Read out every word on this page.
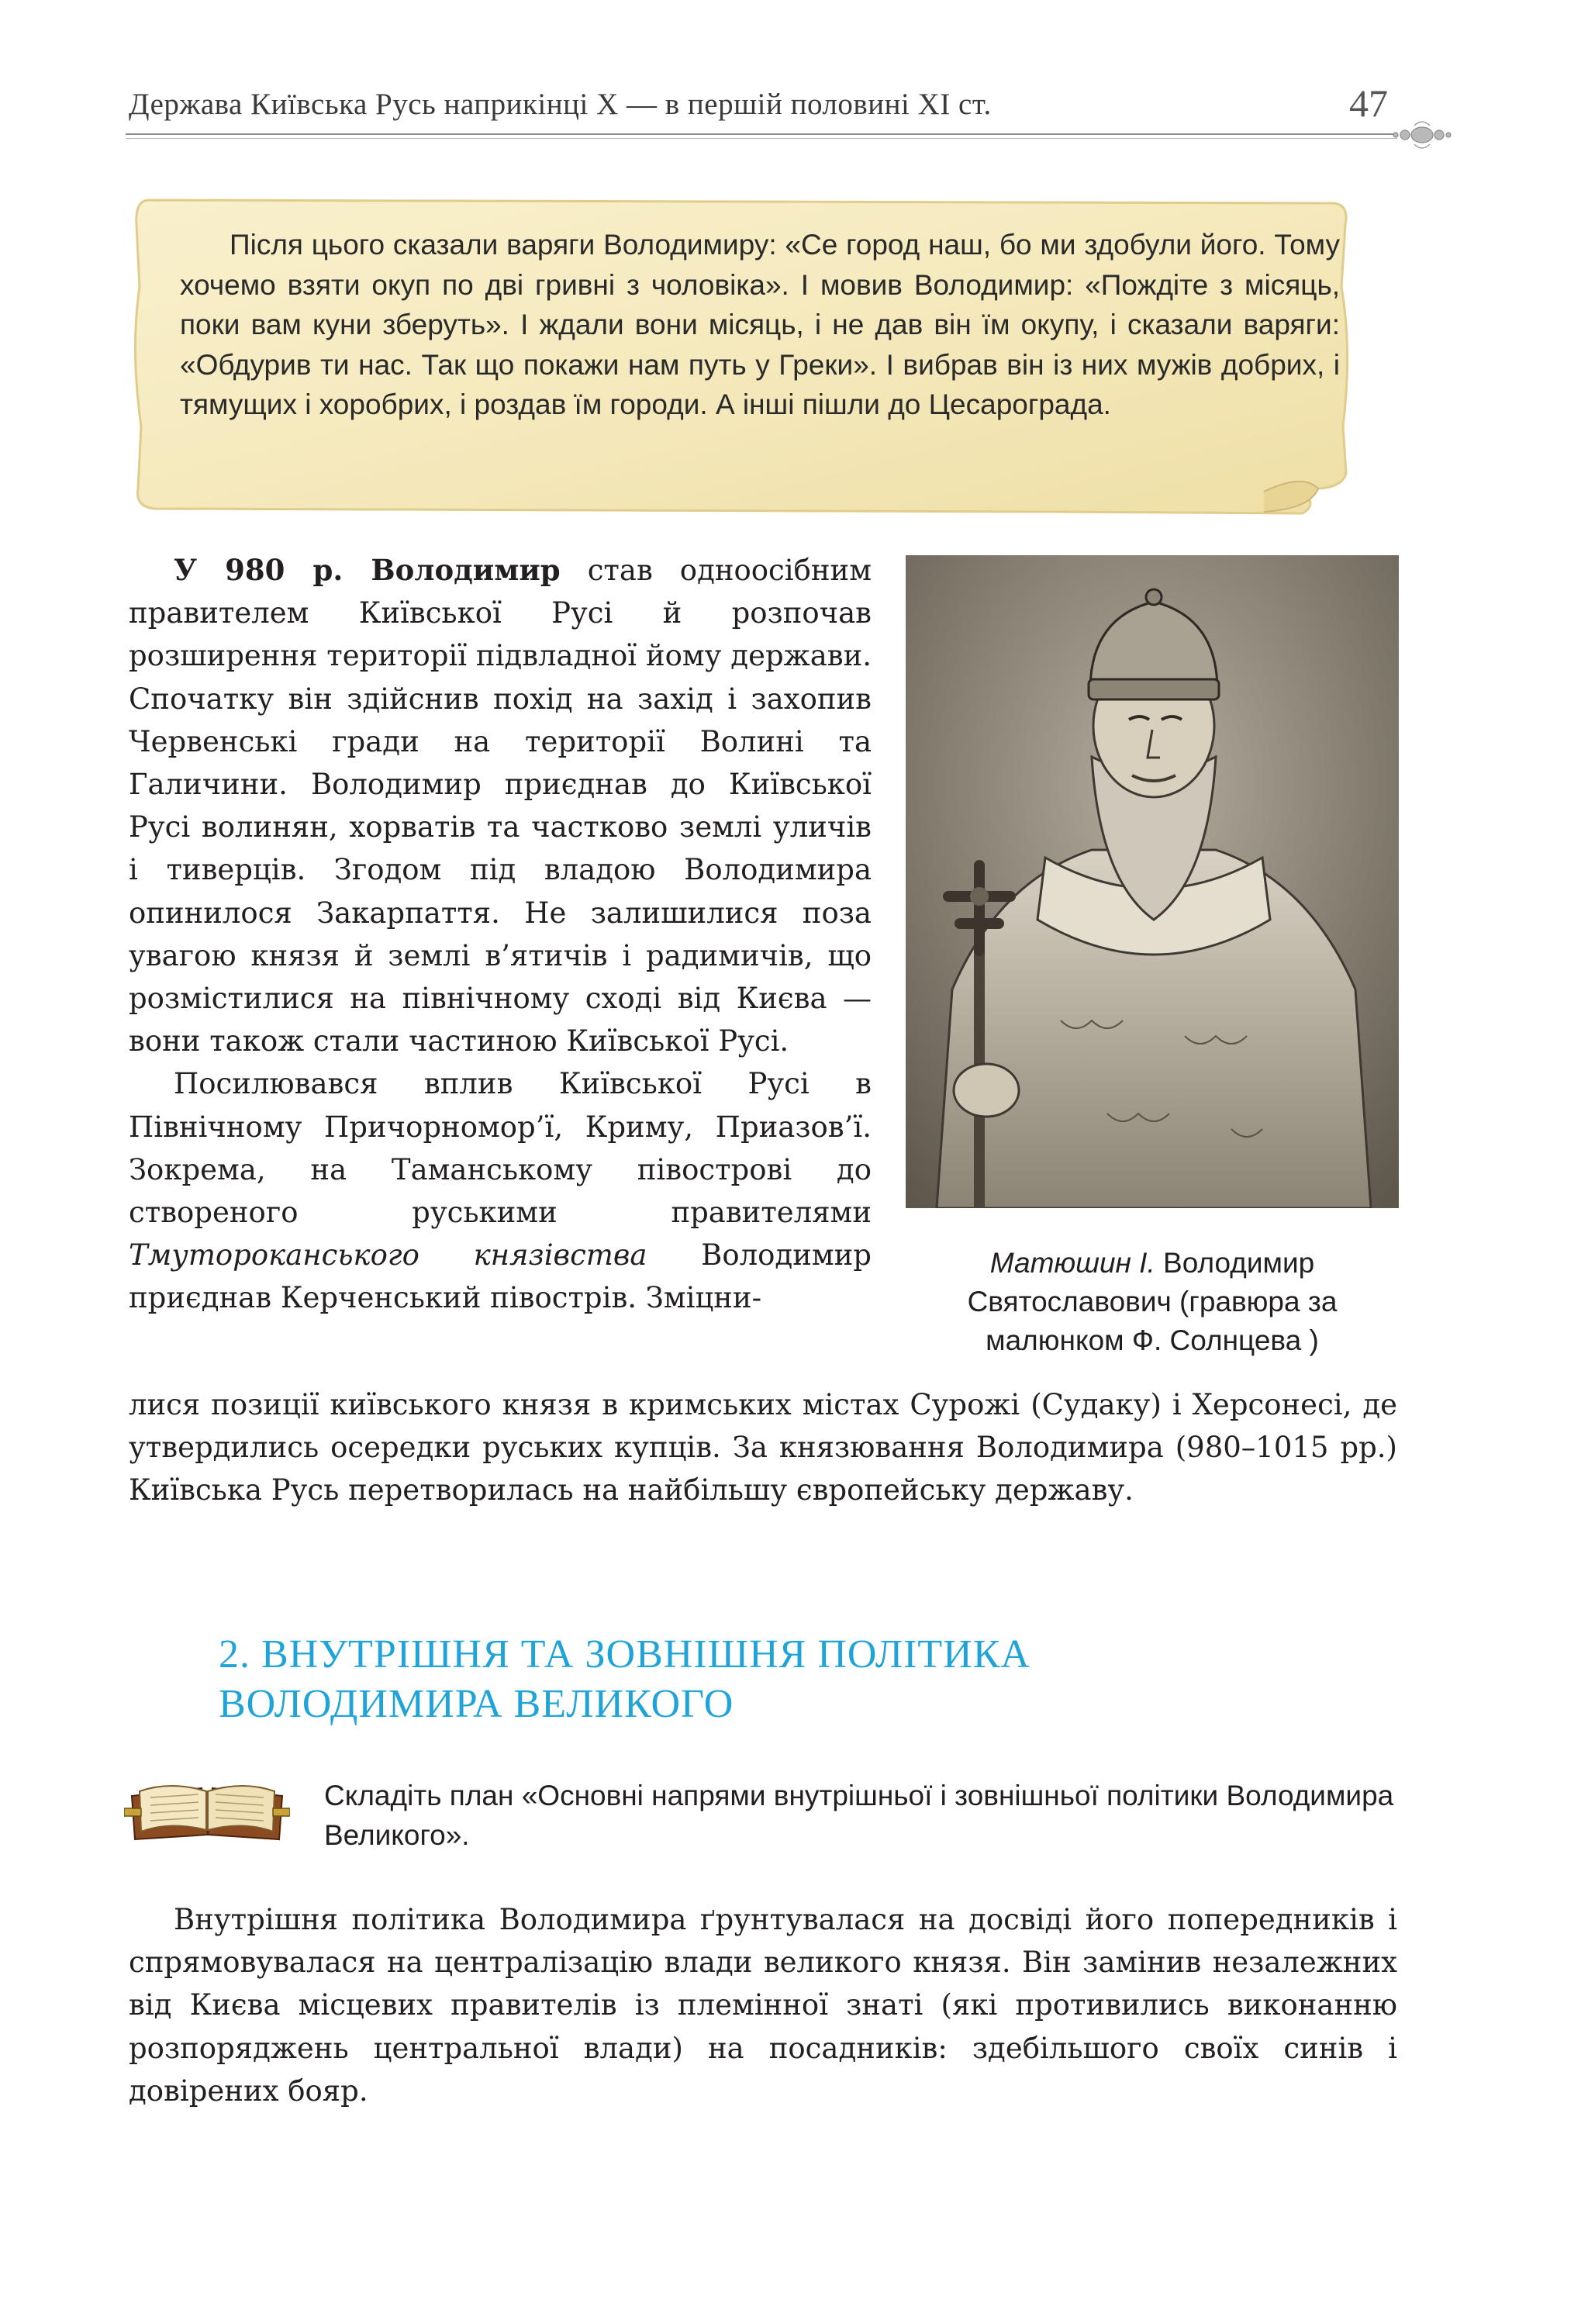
Держава Київська Русь наприкінці X — в першій половині XI ст.	47
Після цього сказали варяги Володимиру: «Се город наш, бо ми здобули його. Тому хочемо взяти окуп по дві гривні з чоловіка». І мовив Володимир: «Пождіте з місяць, поки вам куни зберуть». І ждали вони місяць, і не дав він їм окупу, і сказали варяги: «Обдурив ти нас. Так що покажи нам путь у Греки». І вибрав він із них мужів добрих, і тямущих і хоробрих, і роздав їм городи. А інші пішли до Цесарограда.

У 980 р. Володимир став одноосібним правителем Київської Русі й розпочав розширення території підвладної йому держави. Спочатку він здійснив похід на захід і захопив Червенські гради на території Волині та Галичини. Володимир приєднав до Київської Русі волинян, хорватів та частково землі уличів і тиверців. Згодом під владою Володимира опинилося Закарпаття. Не залишилися поза увагою князя й землі в’ятичів і радимичів, що розмістилися на північному сході від Києва — вони також стали частиною Київської Русі.

Посилювався вплив Київської Русі в Північному Причорномор’ї, Криму, Приазов’ї. Зокрема, на Таманському півострові до створеного руськими правителями Тмутороканського князівства Володимир приєднав Керченський півострів. Зміцни-

Матюшин І. Володимир Святославович (гравюра за малюнком Ф. Солнцева )
лися позиції київського князя в кримських містах Сурожі (Судаку) і Херсонесі, де утвердились осередки руських купців. За князювання Володимира (980–1015 рр.) Київська Русь перетворилась на найбільшу європейську державу.
2. ВНУТРІШНЯ ТА ЗОВНІШНЯ ПОЛІТИКА
ВОЛОДИМИРА ВЕЛИКОГО
Складіть план «Основні напрями внутрішньої і зовнішньої політики Володимира Великого».

Внутрішня політика Володимира ґрунтувалася на досвіді його попередників і спрямовувалася на централізацію влади великого князя. Він замінив незалежних від Києва місцевих правителів із племінної знаті (які противились виконанню розпоряджень центральної влади) на посадників: здебільшого своїх синів і довірених бояр.
